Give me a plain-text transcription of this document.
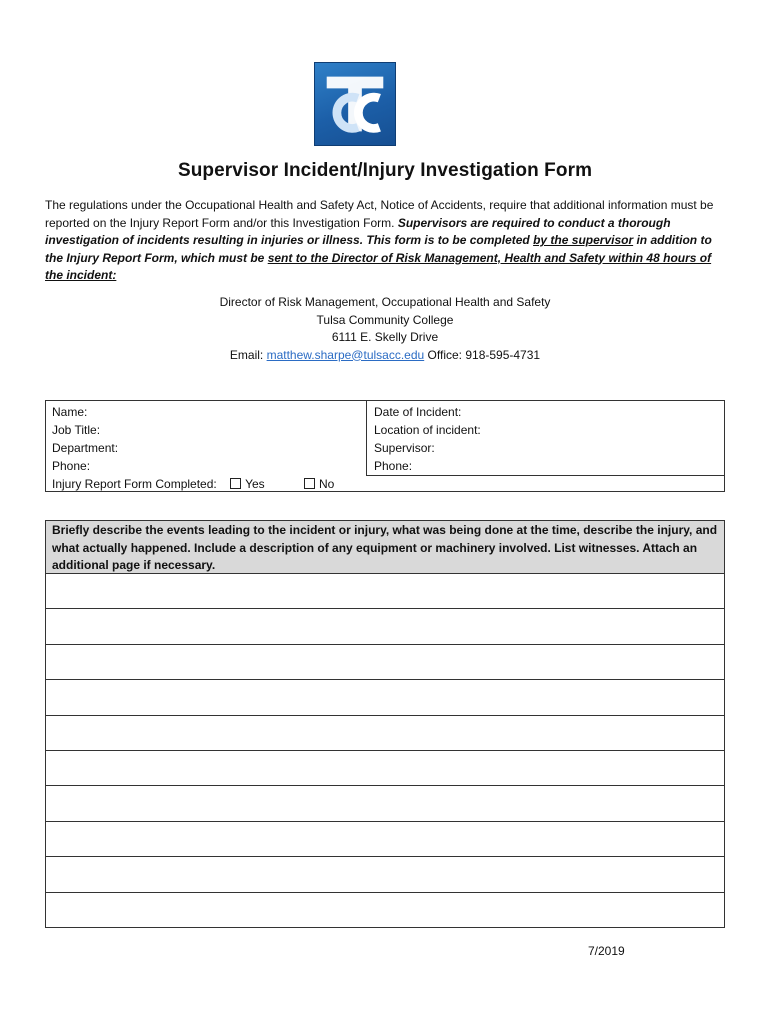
Supervisor Incident/Injury Investigation Form
The regulations under the Occupational Health and Safety Act, Notice of Accidents, require that additional information must be reported on the Injury Report Form and/or this Investigation Form. Supervisors are required to conduct a thorough investigation of incidents resulting in injuries or illness. This form is to be completed by the supervisor in addition to the Injury Report Form, which must be sent to the Director of Risk Management, Health and Safety within 48 hours of the incident:
Director of Risk Management, Occupational Health and Safety
Tulsa Community College
6111 E. Skelly Drive
Email: matthew.sharpe@tulsacc.edu Office: 918-595-4731
Name:
Job Title:
Department:
Phone:
Date of Incident:
Location of incident:
Supervisor:
Phone:
Injury Report Form Completed: Yes	No
Briefly describe the events leading to the incident or injury, what was being done at the time, describe the injury, and what actually happened. Include a description of any equipment or machinery involved. List witnesses. Attach an additional page if necessary.
7/2019
